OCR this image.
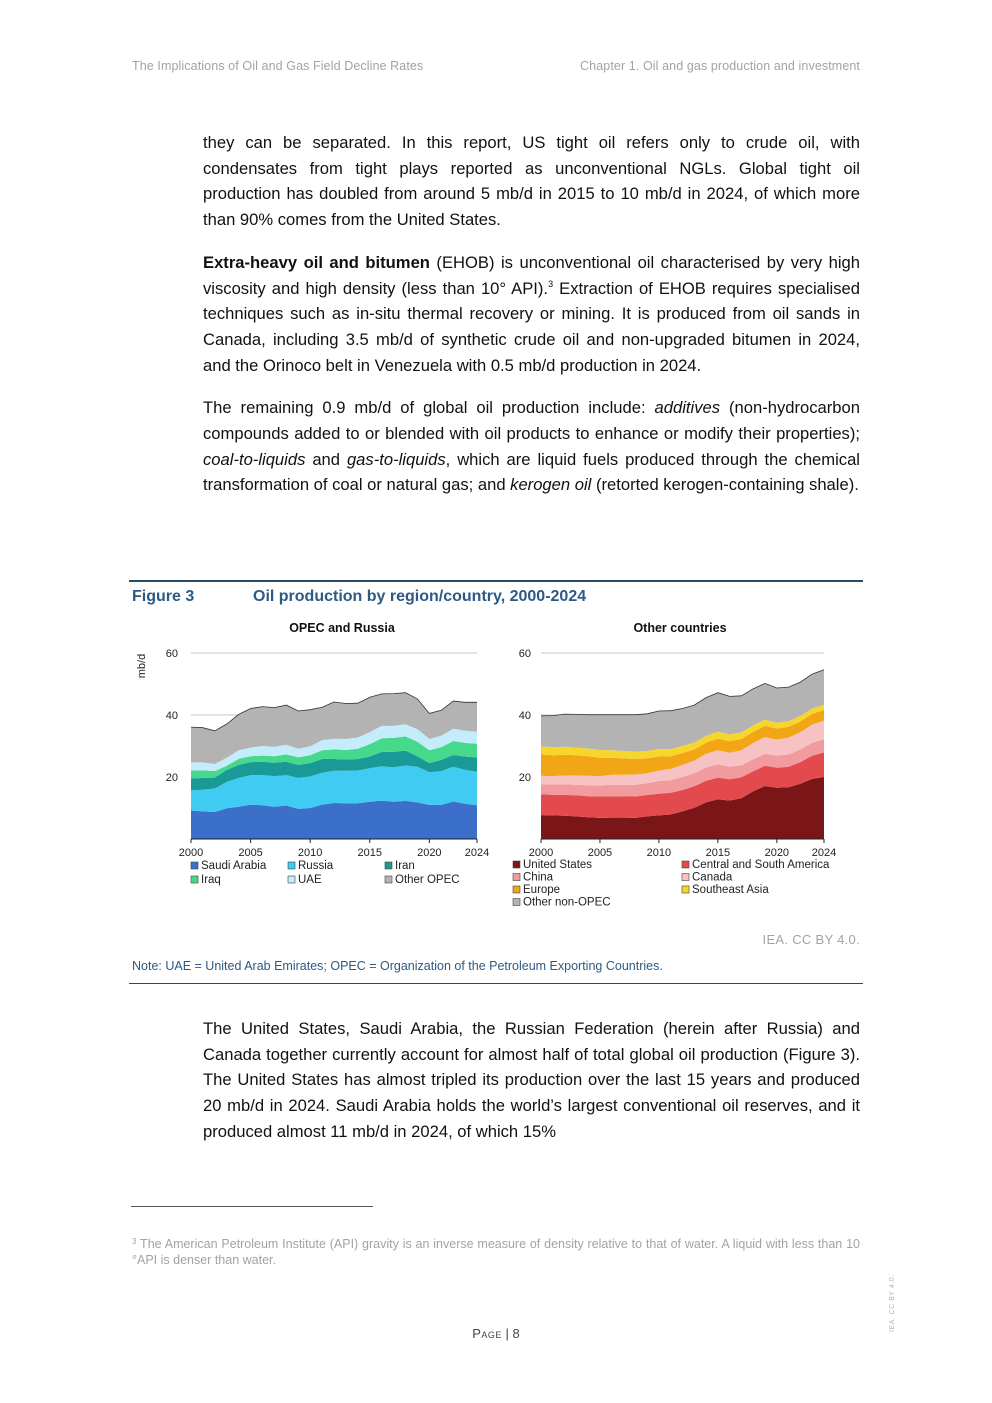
The Implications of Oil and Gas Field Decline Rates	Chapter 1. Oil and gas production and investment

they can be separated. In this report, US tight oil refers only to crude oil, with condensates from tight plays reported as unconventional NGLs. Global tight oil production has doubled from around 5 mb/d in 2015 to 10 mb/d in 2024, of which more than 90% comes from the United States.

Extra-heavy oil and bitumen (EHOB) is unconventional oil characterised by very high viscosity and high density (less than 10° API).$^3$ Extraction of EHOB requires specialised techniques such as in-situ thermal recovery or mining. It is produced from oil sands in Canada, including 3.5 mb/d of synthetic crude oil and non-upgraded bitumen in 2024, and the Orinoco belt in Venezuela with 0.5 mb/d production in 2024.

The remaining 0.9 mb/d of global oil production include: additives (non-hydrocarbon compounds added to or blended with oil products to enhance or modify their properties); coal-to-liquids and gas-to-liquids, which are liquid fuels produced through the chemical transformation of coal or natural gas; and kerogen oil (retorted kerogen-containing shale).

Figure 3	Oil production by region/country, 2000-2024
mb/d
OPEC and Russia
20
40
60
2000	2005	2010	2015	2020 2024
Saudi Arabia	Russia	Iran
Iraq	UAE	Other OPEC
Other countries
20
40
60
2000	2005	2010	2015	2020 2024
United States	Central and South America
China	Canada
Europe	Southeast Asia
Other non-OPEC
IEA. CC BY 4.0.
Note: UAE = United Arab Emirates; OPEC = Organization of the Petroleum Exporting Countries.

The United States, Saudi Arabia, the Russian Federation (herein after Russia) and Canada together currently account for almost half of total global oil production (Figure 3). The United States has almost tripled its production over the last 15 years and produced 20 mb/d in 2024. Saudi Arabia holds the world’s largest conventional oil reserves, and it produced almost 11 mb/d in 2024, of which 15%

$^3$ The American Petroleum Institute (API) gravity is an inverse measure of density relative to that of water. A liquid with less than 10 °API is denser than water.
Page | 8
IEA. CC BY 4.0.
